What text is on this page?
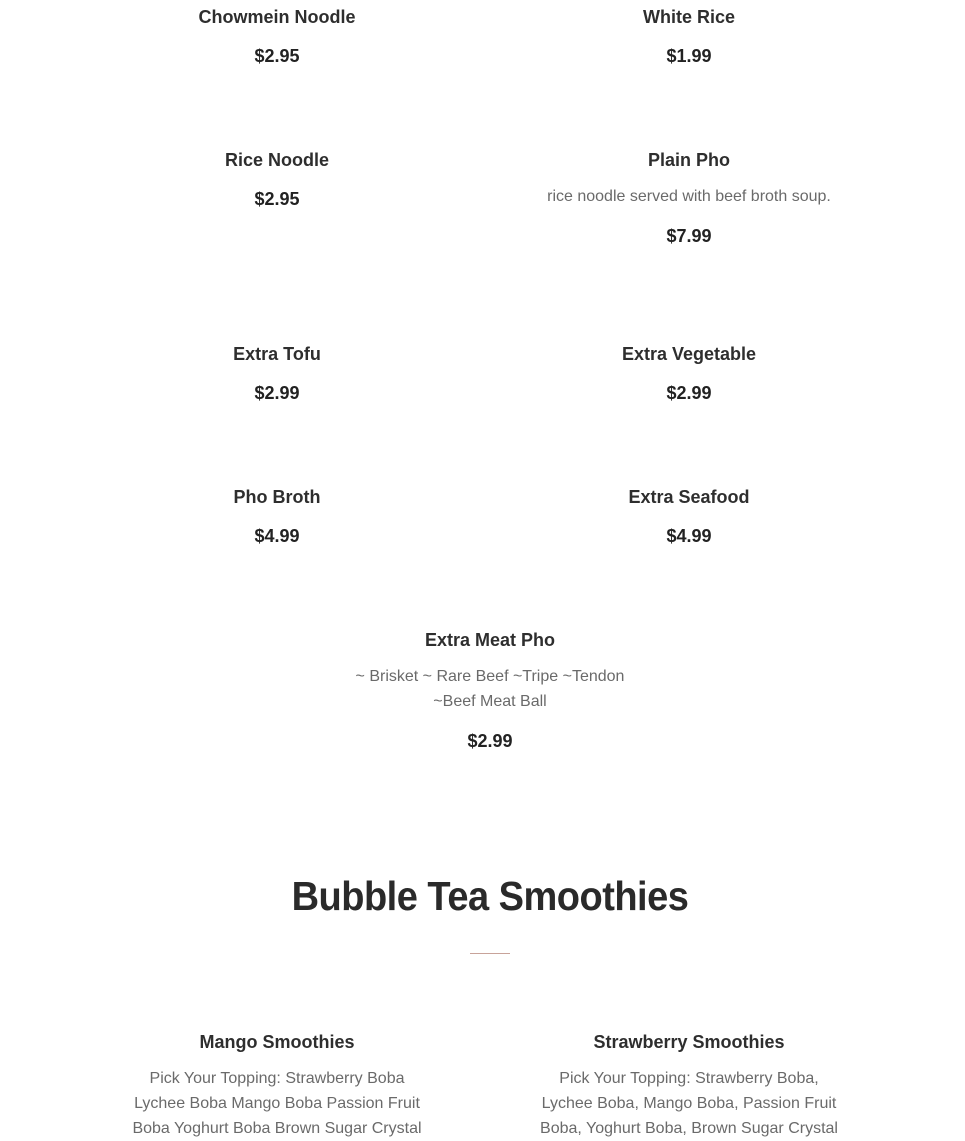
Chowmein Noodle
$2.95
White Rice
$1.99
Rice Noodle
$2.95
Plain Pho
rice noodle served with beef broth soup.
$7.99
Extra Tofu
$2.99
Extra Vegetable
$2.99
Pho Broth
$4.99
Extra Seafood
$4.99
Extra Meat Pho
~ Brisket ~ Rare Beef ~Tripe ~Tendon
~Beef Meat Ball
$2.99
Bubble Tea Smoothies
Mango Smoothies
Pick Your Topping: Strawberry Boba
Lychee Boba Mango Boba Passion Fruit
Boba Yoghurt Boba Brown Sugar Crystal
Strawberry Smoothies
Pick Your Topping: Strawberry Boba,
Lychee Boba, Mango Boba, Passion Fruit
Boba, Yoghurt Boba, Brown Sugar Crystal
